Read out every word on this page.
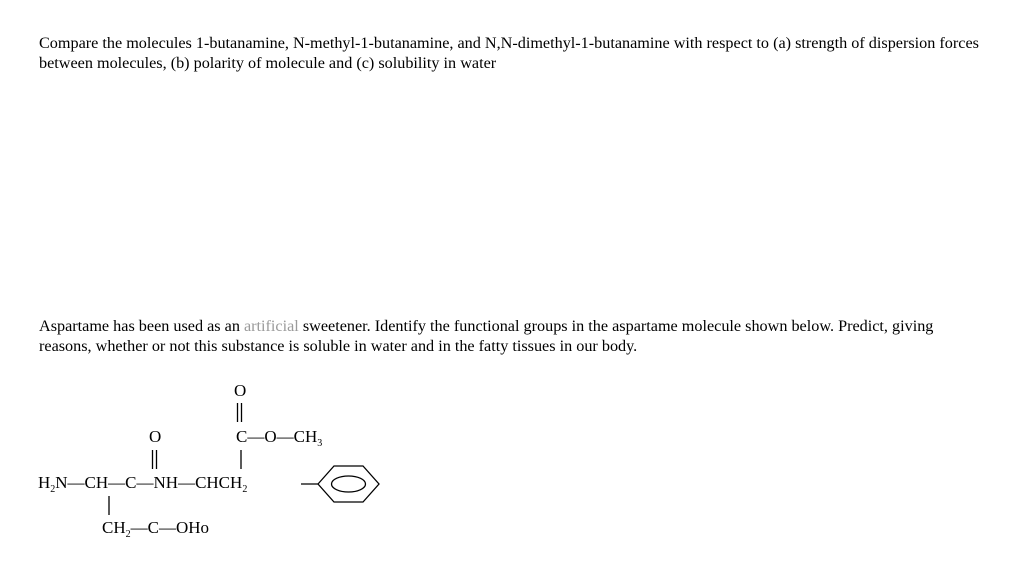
Compare the molecules 1-butanamine, N-methyl-1-butanamine, and N,N-dimethyl-1-butanamine with respect to (a) strength of dispersion forces between molecules, (b) polarity of molecule and (c) solubility in water
Aspartame has been used as an artificial sweetener. Identify the functional groups in the aspartame molecule shown below. Predict, giving reasons, whether or not this substance is soluble in water and in the fatty tissues in our body.
O
$C—O—CH_3$
O
$H_2N—CH—C—NH—CHCH_2$
$CH_2—C—OHo$
